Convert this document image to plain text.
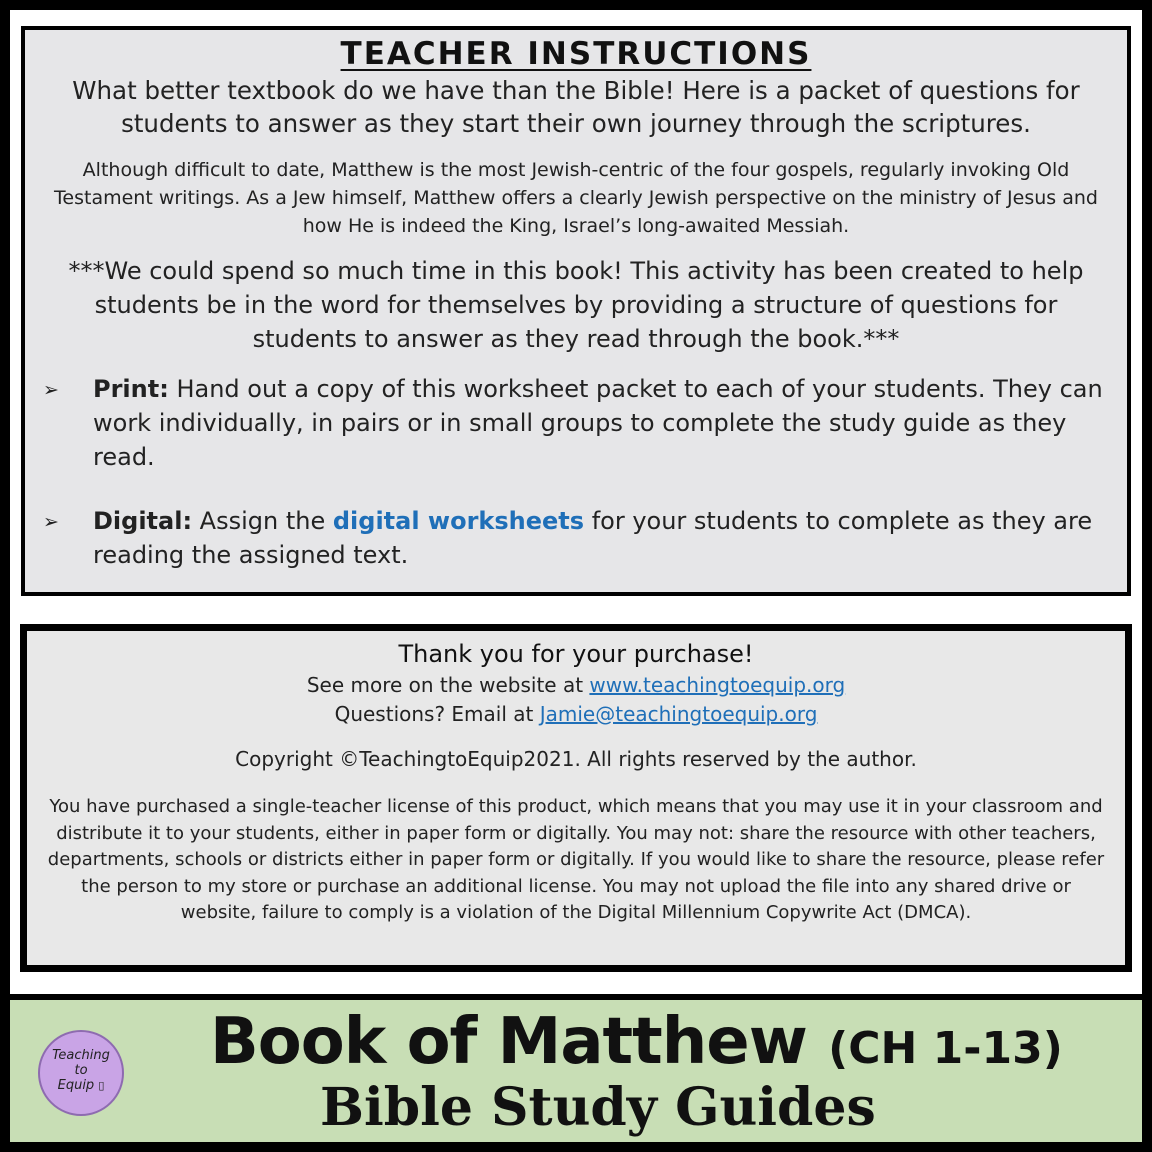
TEACHER INSTRUCTIONS

What better textbook do we have than the Bible! Here is a packet of questions for students to answer as they start their own journey through the scriptures.

Although difficult to date, Matthew is the most Jewish-centric of the four gospels, regularly invoking Old Testament writings. As a Jew himself, Matthew offers a clearly Jewish perspective on the ministry of Jesus and how He is indeed the King, Israel’s long-awaited Messiah.

***We could spend so much time in this book! This activity has been created to help students be in the word for themselves by providing a structure of questions for students to answer as they read through the book.***

➢	Print: Hand out a copy of this worksheet packet to each of your students. They can work individually, in pairs or in small groups to complete the study guide as they read.
➢	Digital: Assign the digital worksheets for your students to complete as they are reading the assigned text.

Thank you for your purchase!

See more on the website at www.teachingtoequip.org

Questions? Email at Jamie@teachingtoequip.org

Copyright ©TeachingtoEquip2021. All rights reserved by the author.

You have purchased a single-teacher license of this product, which means that you may use it in your classroom and distribute it to your students, either in paper form or digitally. You may not: share the resource with other teachers, departments, schools or districts either in paper form or digitally. If you would like to share the resource, please refer the person to my store or purchase an additional license. You may not upload the file into any shared drive or website, failure to comply is a violation of the Digital Millennium Copywrite Act (DMCA).

Teaching
to
Equip ▯
Book of Matthew (CH 1-13)
Bible Study Guides
